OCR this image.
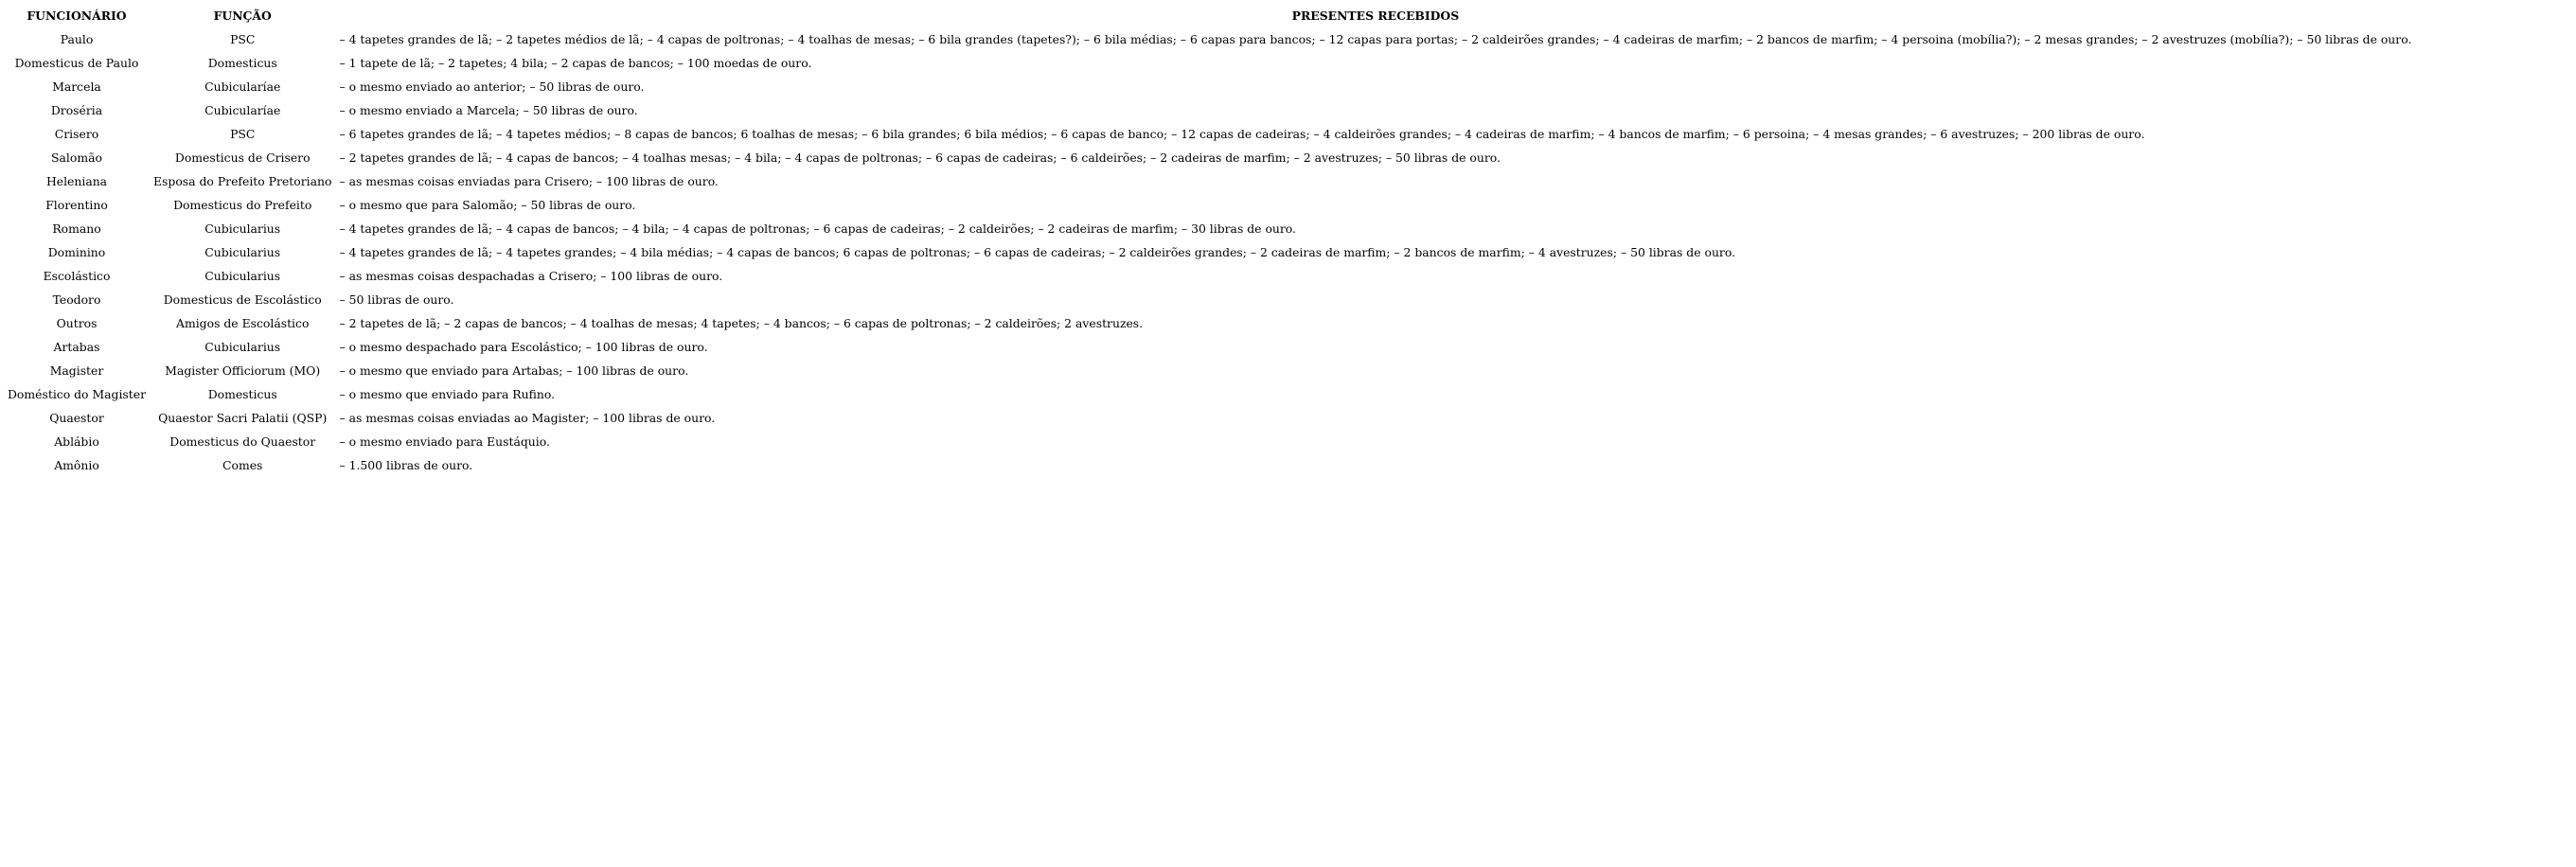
FUNCIONÁRIO	FUNÇÃO	PRESENTES RECEBIDOS
Paulo	PSC	– 4 tapetes grandes de lã; – 2 tapetes médios de lã; – 4 capas de poltronas; – 4 toalhas de mesas; – 6 bila grandes (tapetes?); – 6 bila médias; – 6 capas para bancos; – 12 capas para portas; – 2 caldeirões grandes; – 4 cadeiras de marfim; – 2 bancos de marfim; – 4 persoina (mobília?); – 2 mesas grandes; – 2 avestruzes (mobília?); – 50 libras de ouro.
Domesticus de Paulo	Domesticus	– 1 tapete de lã; – 2 tapetes; 4 bila; – 2 capas de bancos; – 100 moedas de ouro.
Marcela	Cubicularíae	– o mesmo enviado ao anterior; – 50 libras de ouro.
Droséria	Cubicularíae	– o mesmo enviado a Marcela; – 50 libras de ouro.
Crisero	PSC	– 6 tapetes grandes de lã; – 4 tapetes médios; – 8 capas de bancos; 6 toalhas de mesas; – 6 bila grandes; 6 bila médios; – 6 capas de banco; – 12 capas de cadeiras; – 4 caldeirões grandes; – 4 cadeiras de marfim; – 4 bancos de marfim; – 6 persoina; – 4 mesas grandes; – 6 avestruzes; – 200 libras de ouro.
Salomão	Domesticus de Crisero	– 2 tapetes grandes de lã; – 4 capas de bancos; – 4 toalhas mesas; – 4 bila; – 4 capas de poltronas; – 6 capas de cadeiras; – 6 caldeirões; – 2 cadeiras de marfim; – 2 avestruzes; – 50 libras de ouro.
Heleniana	Esposa do Prefeito Pretoriano	– as mesmas coisas enviadas para Crisero; – 100 libras de ouro.
Florentino	Domesticus do Prefeito	– o mesmo que para Salomão; – 50 libras de ouro.
Romano	Cubicularius	– 4 tapetes grandes de lã; – 4 capas de bancos; – 4 bila; – 4 capas de poltronas; – 6 capas de cadeiras; – 2 caldeirões; – 2 cadeiras de marfim; – 30 libras de ouro.
Dominino	Cubicularius	– 4 tapetes grandes de lã; – 4 tapetes grandes; – 4 bila médias; – 4 capas de bancos; 6 capas de poltronas; – 6 capas de cadeiras; – 2 caldeirões grandes; – 2 cadeiras de marfim; – 2 bancos de marfim; – 4 avestruzes; – 50 libras de ouro.
Escolástico	Cubicularius	– as mesmas coisas despachadas a Crisero; – 100 libras de ouro.
Teodoro	Domesticus de Escolástico	– 50 libras de ouro.
Outros	Amigos de Escolástico	– 2 tapetes de lã; – 2 capas de bancos; – 4 toalhas de mesas; 4 tapetes; – 4 bancos; – 6 capas de poltronas; – 2 caldeirões; 2 avestruzes.
Artabas	Cubicularius	– o mesmo despachado para Escolástico; – 100 libras de ouro.
Magister	Magister Officiorum (MO)	– o mesmo que enviado para Artabas; – 100 libras de ouro.
Doméstico do Magister	Domesticus	– o mesmo que enviado para Rufino.
Quaestor	Quaestor Sacri Palatii (QSP)	– as mesmas coisas enviadas ao Magister; – 100 libras de ouro.
Ablábio	Domesticus do Quaestor	– o mesmo enviado para Eustáquio.
Amônio	Comes	– 1.500 libras de ouro.
